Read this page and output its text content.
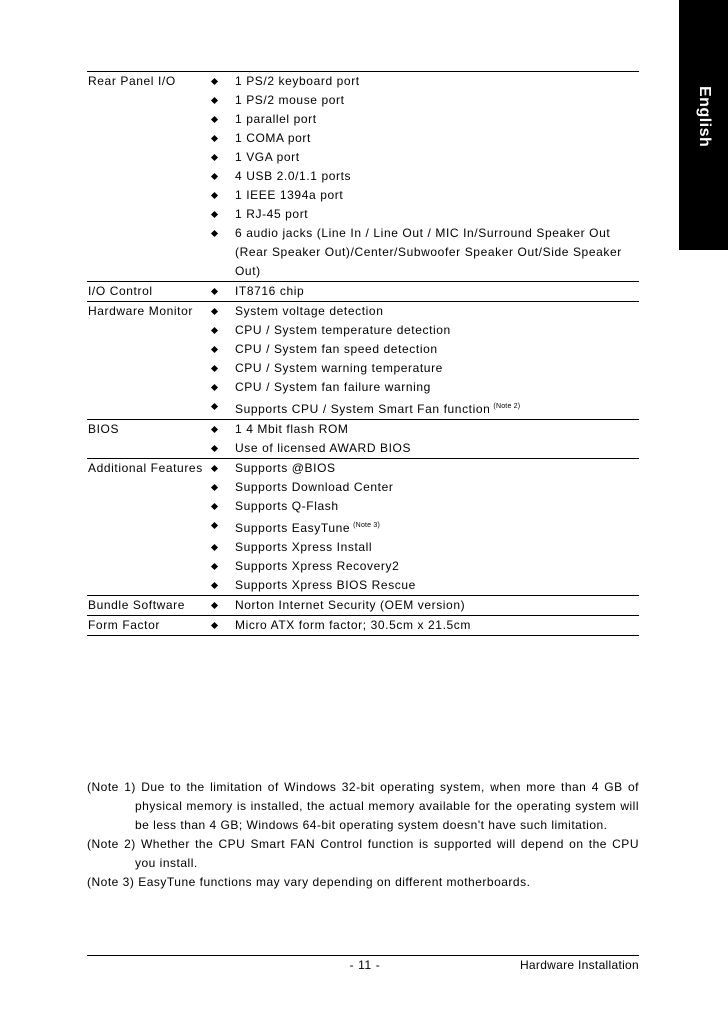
English
Rear Panel I/O	1 PS/2 keyboard port
1 PS/2 mouse port
1 parallel port
1 COMA port
1 VGA port
4 USB 2.0/1.1 ports
1 IEEE 1394a port
1 RJ-45 port
6 audio jacks (Line In / Line Out / MIC In/Surround Speaker Out (Rear Speaker Out)/Center/Subwoofer Speaker Out/Side Speaker Out)
I/O Control	IT8716 chip
Hardware Monitor	System voltage detection
CPU / System temperature detection
CPU / System fan speed detection
CPU / System warning temperature
CPU / System fan failure warning
Supports CPU / System Smart Fan function $^{(Note 2)}$
BIOS	1 4 Mbit flash ROM
Use of licensed AWARD BIOS
Additional Features	Supports @BIOS
Supports Download Center
Supports Q-Flash
Supports EasyTune $^{(Note 3)}$
Supports Xpress Install
Supports Xpress Recovery2
Supports Xpress BIOS Rescue
Bundle Software	Norton Internet Security (OEM version)
Form Factor	Micro ATX form factor; 30.5cm x 21.5cm
(Note 1) Due to the limitation of Windows 32-bit operating system, when more than 4 GB of physical memory is installed, the actual memory available for the operating system will be less than 4 GB; Windows 64-bit operating system doesn't have such limitation.
(Note 2) Whether the CPU Smart FAN Control function is supported will depend on the CPU you install.
(Note 3) EasyTune functions may vary depending on different motherboards.
- 11 -	Hardware Installation
